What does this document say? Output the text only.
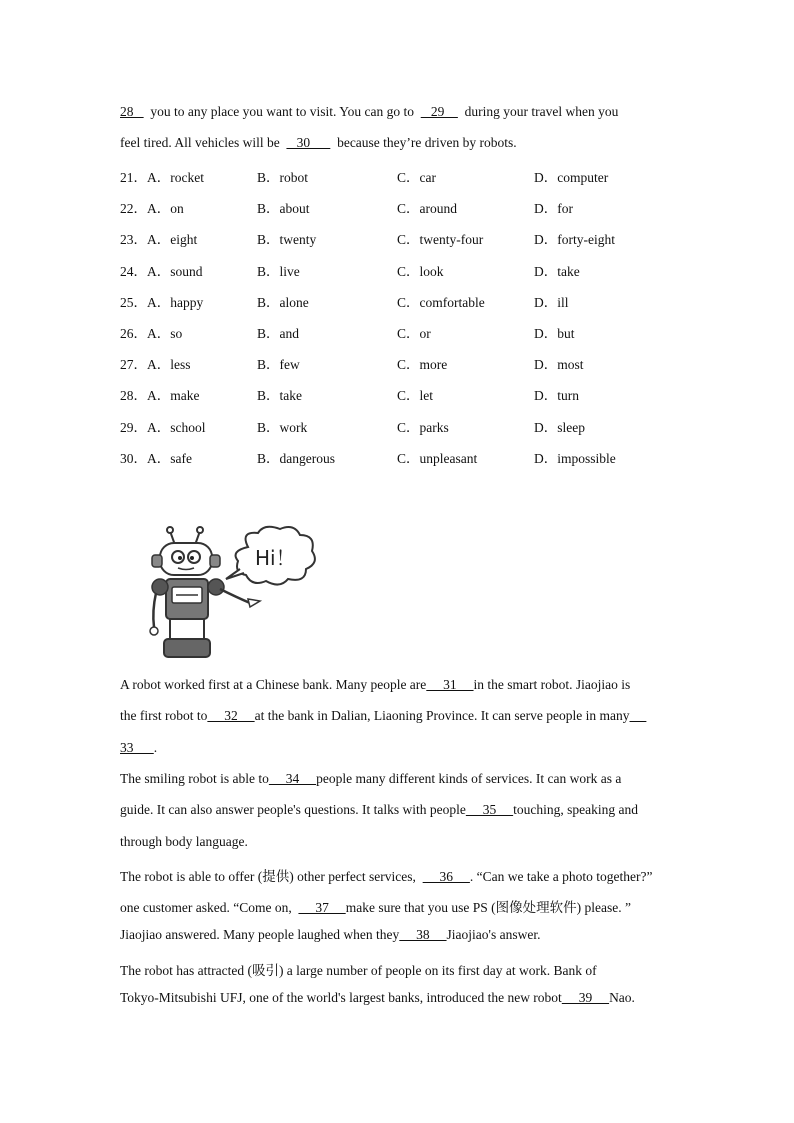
28     you to any place you want to visit. You can go to     29      during your travel when you
feel tired. All vehicles will be     30        because they’re driven by robots.
21．A．rocket	B．robot	C．car	D．computer
22．A．on	B．about	C．around	D．for
23．A．eight	B．twenty	C．twenty-four	D．forty-eight
24．A．sound	B．live	C．look	D．take
25．A．happy	B．alone	C．comfortable	D．ill
26．A．so	B．and	C．or	D．but
27．A．less	B．few	C．more	D．most
28．A．make	B．take	C．let	D．turn
29．A．school	B．work	C．parks	D．sleep
30．A．safe	B．dangerous	C．unpleasant	D．impossible
Hi！
A robot worked first at a Chinese bank. Many people are     31     in the smart robot. Jiaojiao is
the first robot to     32     at the bank in Dalian, Liaoning Province. It can serve people in many
33      .
The smiling robot is able to     34     people many different kinds of services. It can work as a
guide. It can also answer people's questions. It talks with people     35     touching, speaking and
through body language.
The robot is able to offer (提供) other perfect services,       36     . “Can we take a photo together?”
one customer asked. “Come on,       37     make sure that you use PS (图像处理软件) please. ”
Jiaojiao answered. Many people laughed when they     38     Jiaojiao's answer.
The robot has attracted (吸引) a large number of people on its first day at work. Bank of
Tokyo-Mitsubishi UFJ, one of the world's largest banks, introduced the new robot     39     Nao.
